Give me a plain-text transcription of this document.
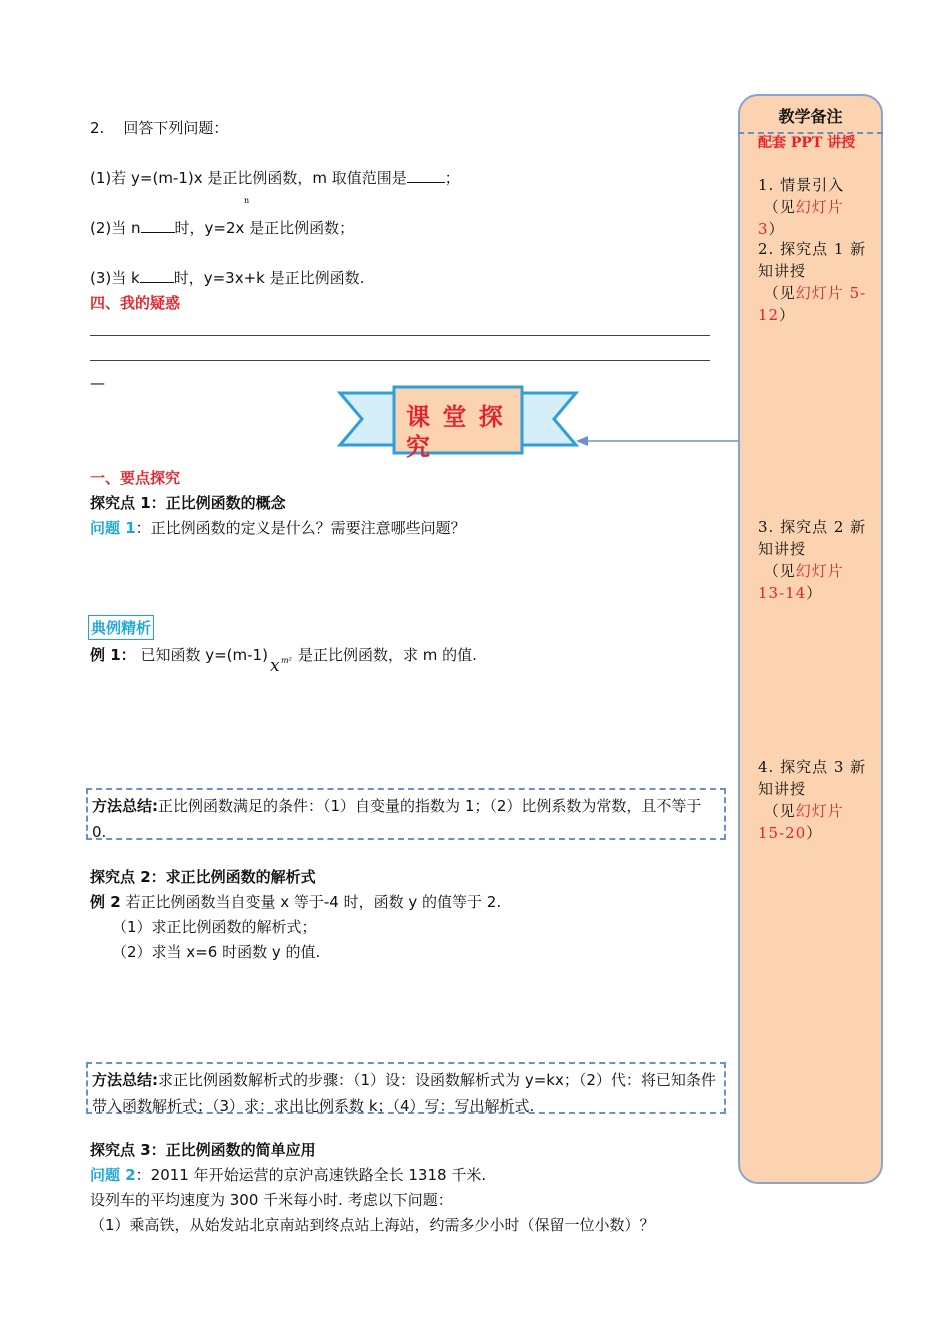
2.    回答下列问题：
(1)若 y=(m-1)x 是正比例函数，m 取值范围是	；
n
(2)当 n 时，y=2x 是正比例函数；
(3)当 k 时，y=3x+k 是正比例函数.
四、我的疑惑
—
课 堂 探 究
一、要点探究
探究点 1：正比例函数的概念
问题 1：正比例函数的定义是什么？需要注意哪些问题？
典例精析
例 1： 已知函数 y=(m-1)
x m² 是正比例函数，求 m 的值.
方法总结:正比例函数满足的条件：（1）自变量的指数为 1；（2）比例系数为常数，且不等于 0.
探究点 2：求正比例函数的解析式
例 2 若正比例函数当自变量 x 等于-4 时，函数 y 的值等于 2.
（1）求正比例函数的解析式；
（2）求当 x=6 时函数 y 的值.
方法总结:求正比例函数解析式的步骤：（1）设：设函数解析式为 y=kx；（2）代：将已知条件带入函数解析式；（3）求：求出比例系数 k；（4）写：写出解析式.
探究点 3：正比例函数的简单应用
问题 2：2011 年开始运营的京沪高速铁路全长 1318 千米.
设列车的平均速度为 300 千米每小时. 考虑以下问题：
（1）乘高铁，从始发站北京南站到终点站上海站，约需多少小时（保留一位小数）？
教学备注
配套 PPT 讲授
1. 情景引入
（见幻灯片 3）
2. 探究点 1 新知讲授
（见幻灯片 5-12）
3. 探究点 2 新知讲授
（见幻灯片 13-14）
4. 探究点 3 新知讲授
（见幻灯片 15-20）
